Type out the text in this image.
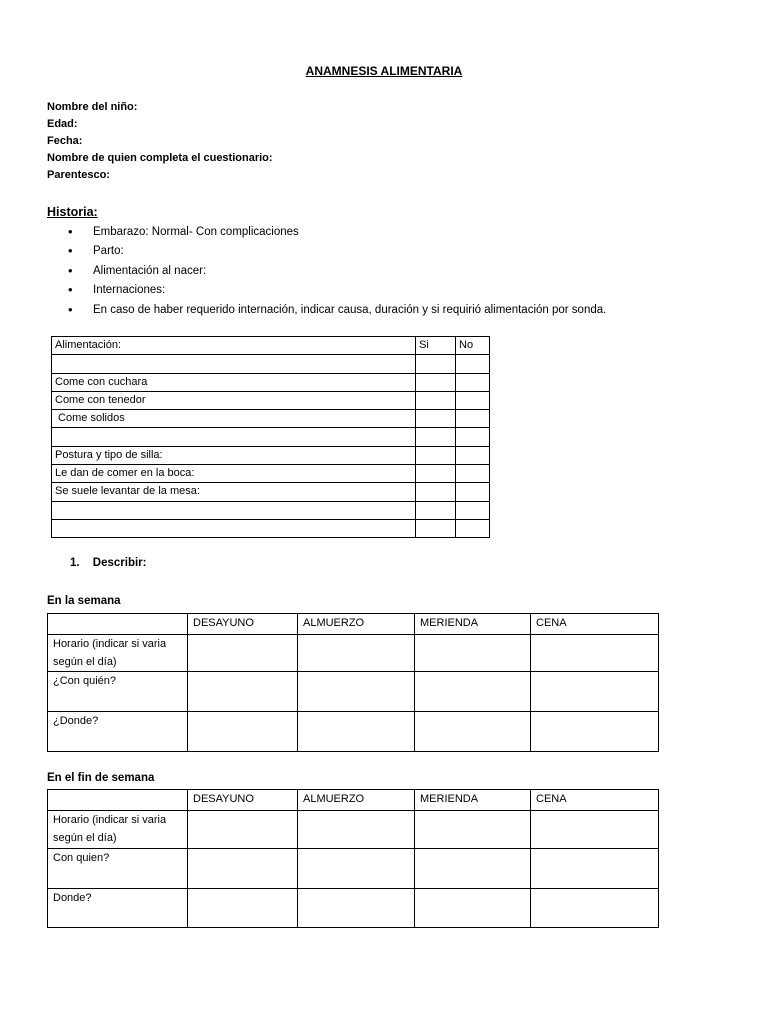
ANAMNESIS ALIMENTARIA
Nombre del niño:
Edad:
Fecha:
Nombre de quien completa el cuestionario:
Parentesco:
Historia:
• Embarazo: Normal- Con complicaciones
• Parto:
• Alimentación al nacer:
• Internaciones:
• En caso de haber requerido internación, indicar causa, duración y si requirió alimentación por sonda.
Alimentación:	Si	No

Come con cuchara		
Come con tenedor		
Come solidos		

Postura y tipo de silla:		
Le dan de comer en la boca:		
Se suele levantar de la mesa:		

1. Describir:
En la semana
	DESAYUNO	ALMUERZO	MERIENDA	CENA
Horario (indicar si varia según el día)				
¿Con quién?				
¿Donde?				
En el fin de semana
	DESAYUNO	ALMUERZO	MERIENDA	CENA
Horario (indicar si varia según el día)				
Con quien?				
Donde?				
